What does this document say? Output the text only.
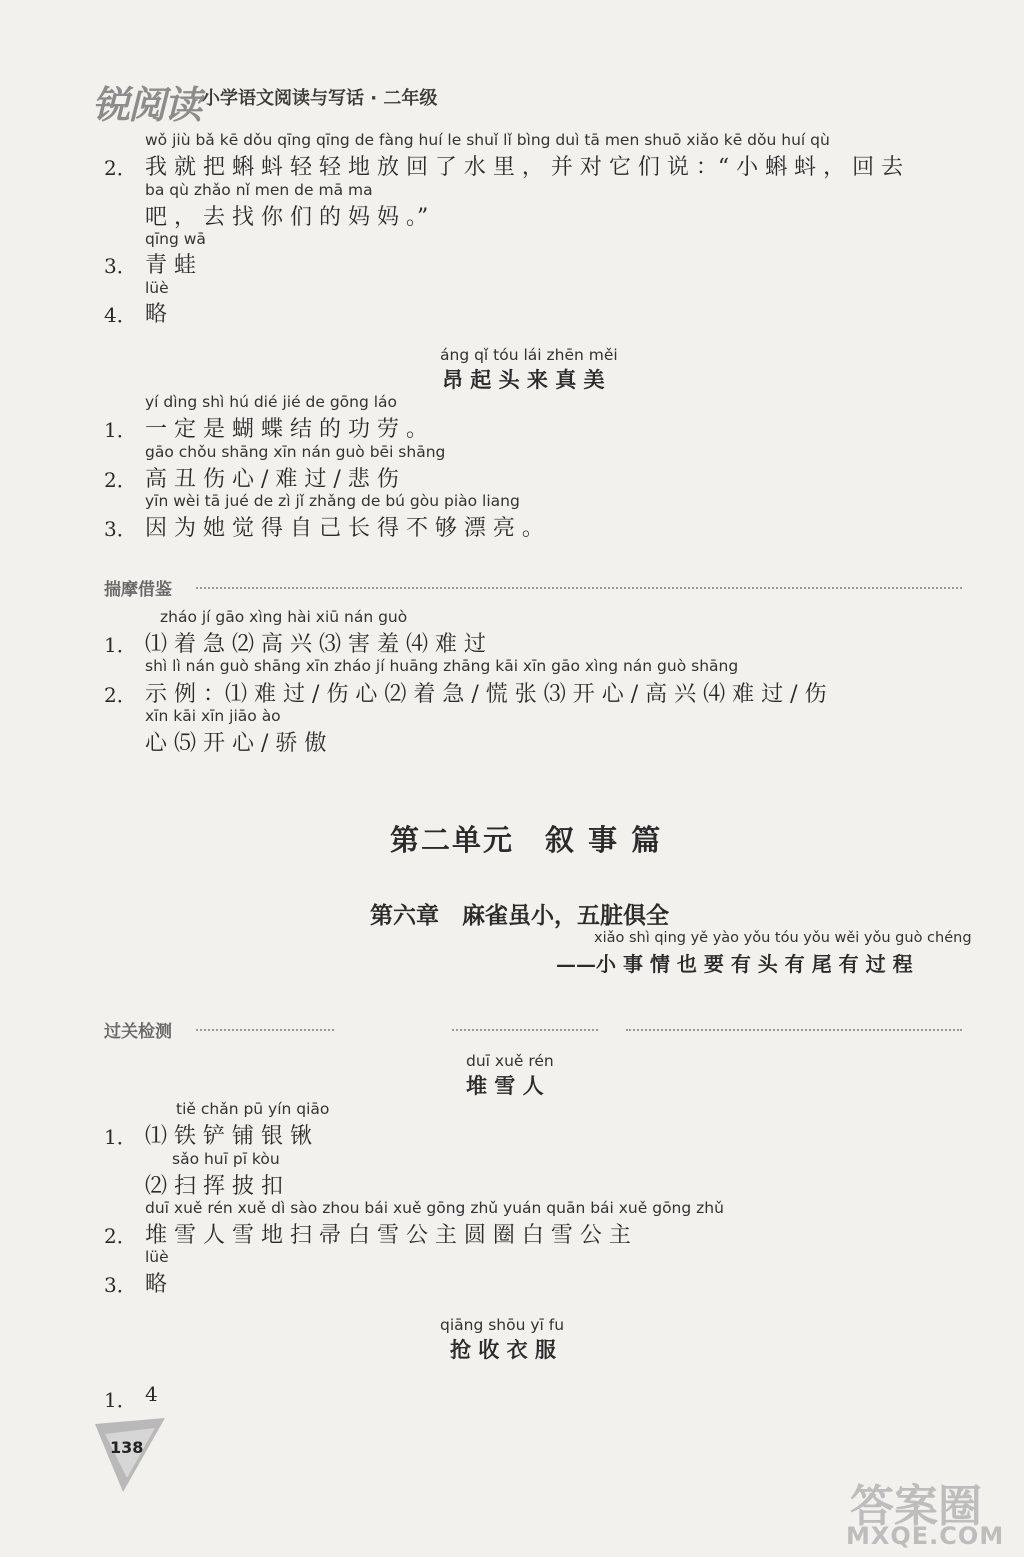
锐阅读 小学语文阅读与写话 · 二年级
wǒ jiù bǎ kē dǒu qīng qīng de fàng huí le shuǐ lǐ bìng duì tā men shuō xiǎo kē dǒu huí qù
2． 我 就 把 蝌 蚪 轻 轻 地 放 回 了 水 里 ， 并 对 它 们 说 ：“ 小 蝌 蚪 ， 回 去
ba qù zhǎo nǐ men de mā ma
吧 ， 去 找 你 们 的 妈 妈 。”
qīng wā
3． 青 蛙
lüè
4． 略
áng qǐ tóu lái zhēn měi
昂 起 头 来 真 美
yí dìng shì hú dié jié de gōng láo
1． 一 定 是 蝴 蝶 结 的 功 劳 。
gāo chǒu shāng xīn nán guò bēi shāng
2． 高 丑 伤 心 / 难 过 / 悲 伤
yīn wèi tā jué de zì jǐ zhǎng de bú gòu piào liang
3． 因 为 她 觉 得 自 己 长 得 不 够 漂 亮 。
揣摩借鉴
zháo jí gāo xìng hài xiū nán guò
1． ⑴ 着 急 ⑵ 高 兴 ⑶ 害 羞 ⑷ 难 过
shì lì nán guò shāng xīn zháo jí huāng zhāng kāi xīn gāo xìng nán guò shāng
2． 示 例 ：⑴ 难 过 / 伤 心 ⑵ 着 急 / 慌 张 ⑶ 开 心 / 高 兴 ⑷ 难 过 / 伤
xīn kāi xīn jiāo ào
心 ⑸ 开 心 / 骄 傲
第二单元　叙 事 篇
第六章　麻雀虽小，五脏俱全
xiǎo shì qing yě yào yǒu tóu yǒu wěi yǒu guò chéng
——小 事 情 也 要 有 头 有 尾 有 过 程
过关检测
duī xuě rén
堆 雪 人
tiě chǎn pū yín qiāo
1． ⑴ 铁 铲 铺 银 锹
sǎo huī pī kòu
⑵ 扫 挥 披 扣
duī xuě rén xuě dì sào zhou bái xuě gōng zhǔ yuán quān bái xuě gōng zhǔ
2． 堆 雪 人 雪 地 扫 帚 白 雪 公 主 圆 圈 白 雪 公 主
lüè
3． 略
qiāng shōu yī fu
抢 收 衣 服
1． 4
138
答案圈
MXQE.COM
